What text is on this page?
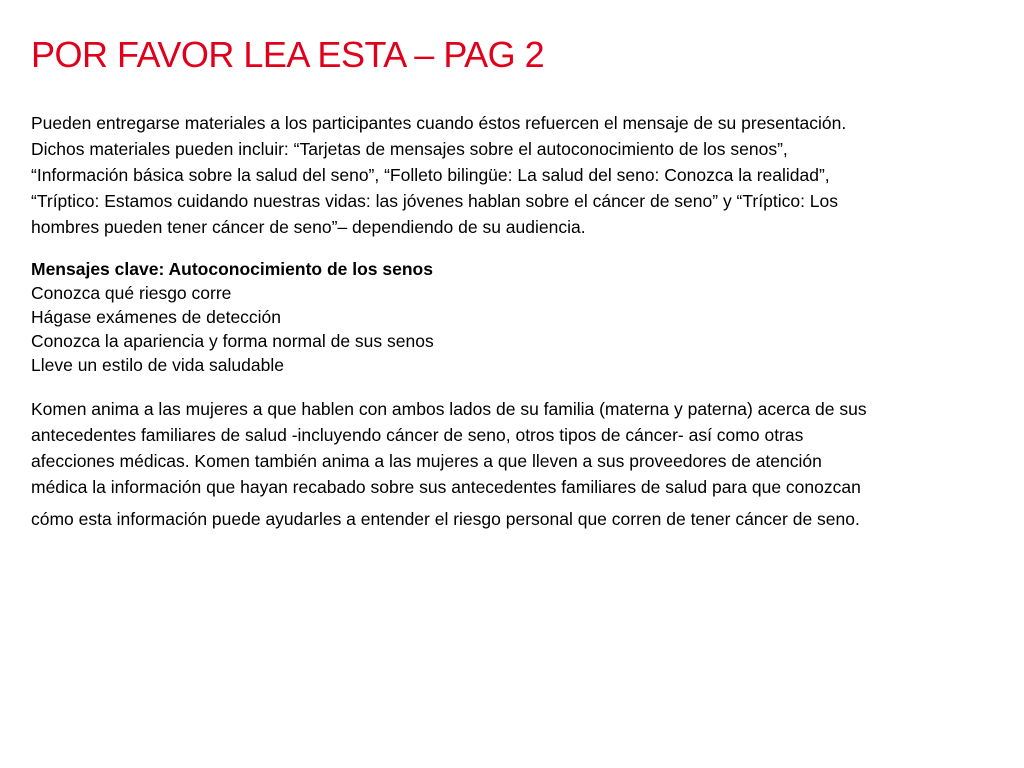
POR FAVOR LEA ESTA – PAG 2

Pueden entregarse materiales a los participantes cuando éstos refuercen el mensaje de su presentación.
Dichos materiales pueden incluir: “Tarjetas de mensajes sobre el autoconocimiento de los senos”,
“Información básica sobre la salud del seno”, “Folleto bilingüe: La salud del seno: Conozca la realidad”,
“Tríptico: Estamos cuidando nuestras vidas: las jóvenes hablan sobre el cáncer de seno” y “Tríptico: Los
hombres pueden tener cáncer de seno”– dependiendo de su audiencia.

Mensajes clave: Autoconocimiento de los senos
Conozca qué riesgo corre
Hágase exámenes de detección
Conozca la apariencia y forma normal de sus senos
Lleve un estilo de vida saludable

Komen anima a las mujeres a que hablen con ambos lados de su familia (materna y paterna) acerca de sus
antecedentes familiares de salud -incluyendo cáncer de seno, otros tipos de cáncer- así como otras
afecciones médicas. Komen también anima a las mujeres a que lleven a sus proveedores de atención
médica la información que hayan recabado sobre sus antecedentes familiares de salud para que conozcan
cómo esta información puede ayudarles a entender el riesgo personal que corren de tener cáncer de seno.
